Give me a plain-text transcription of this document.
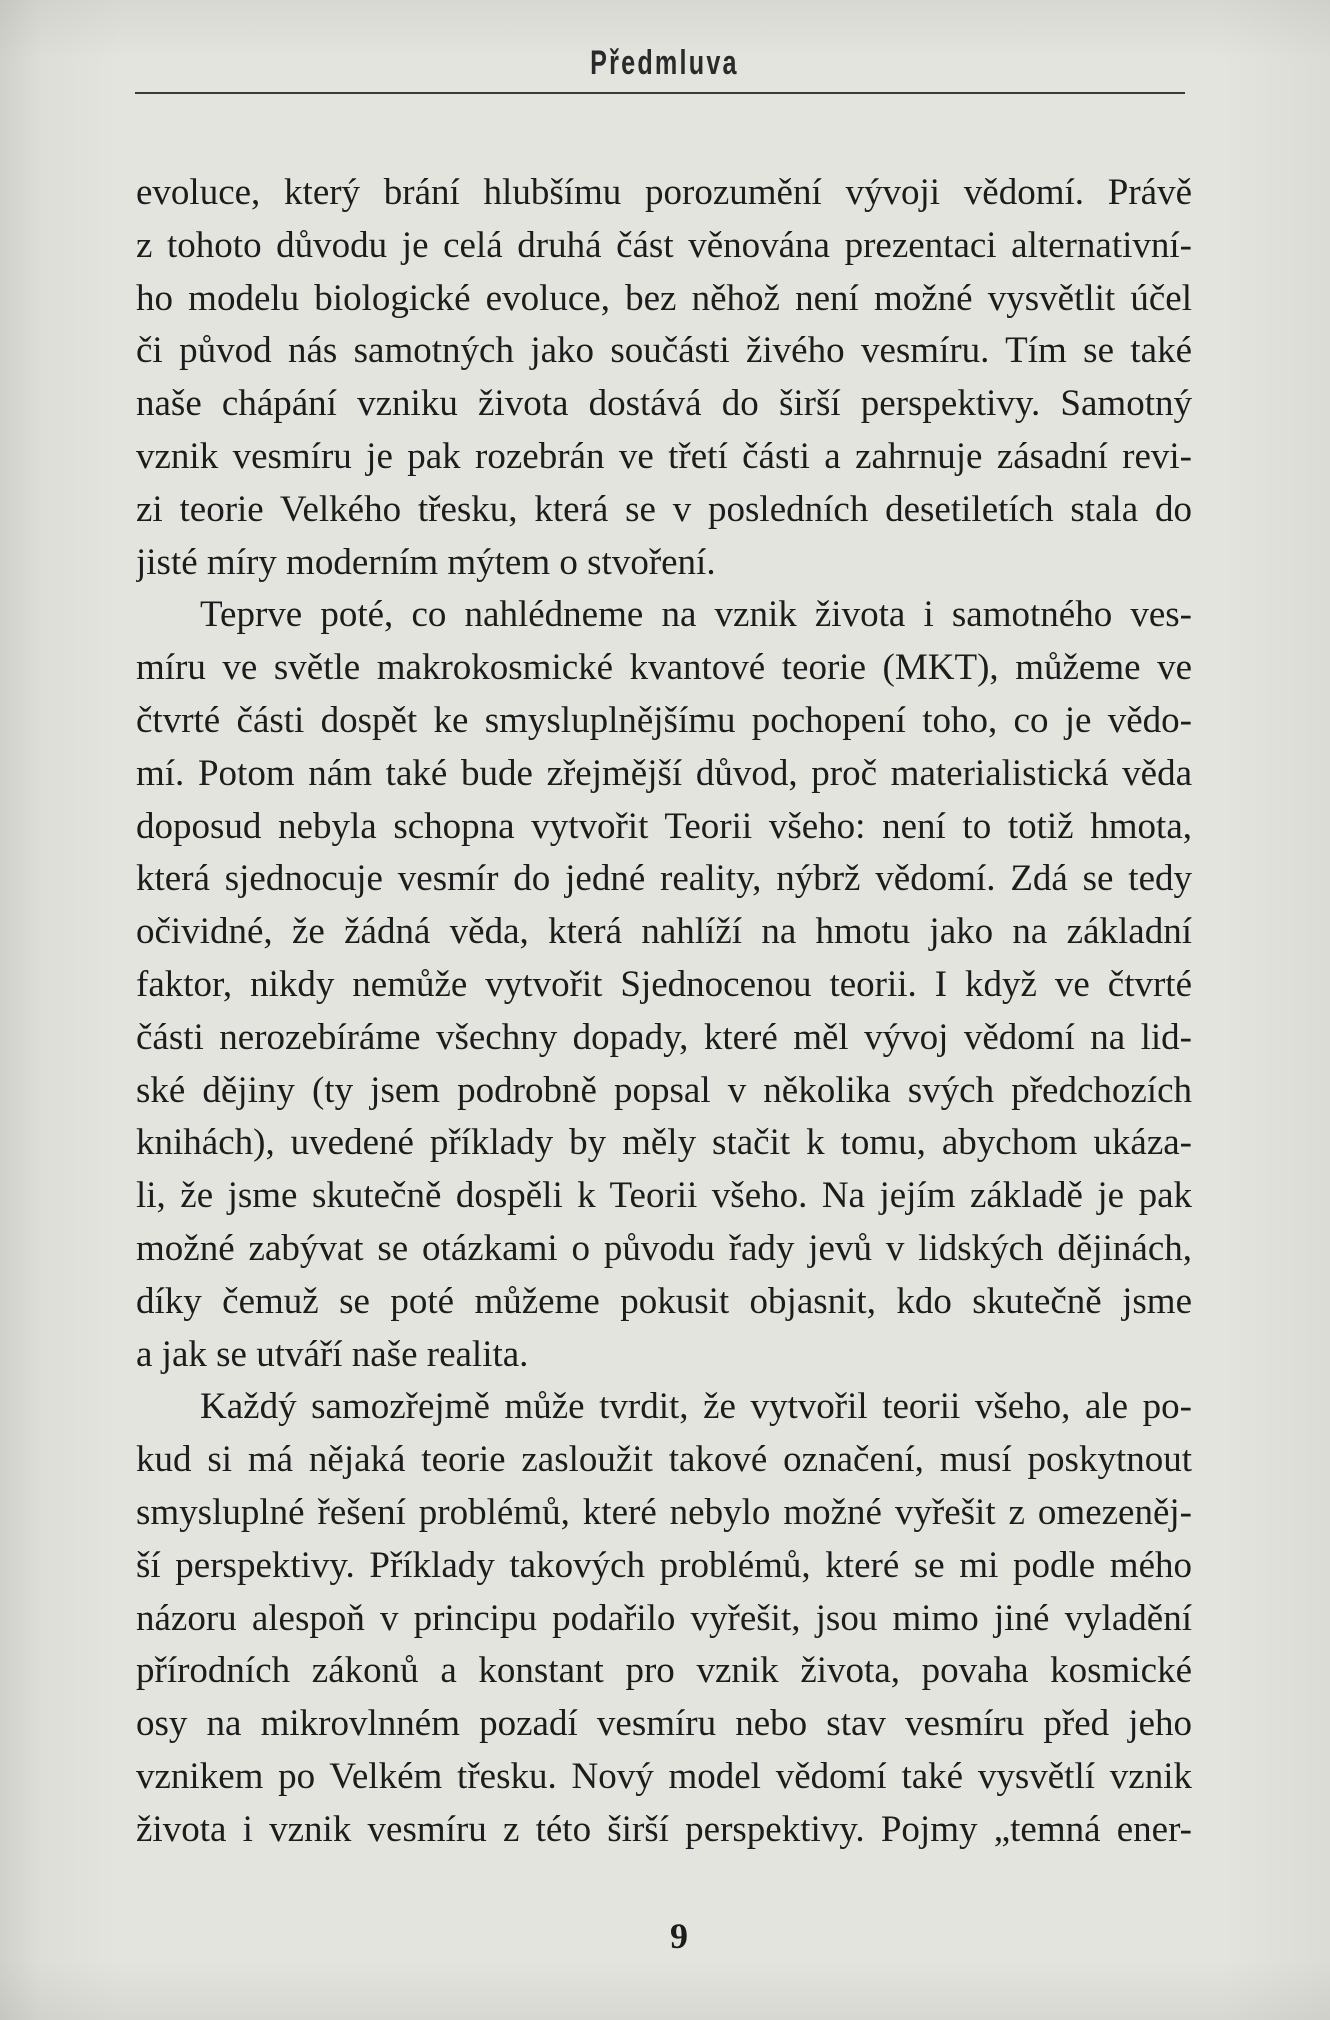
Předmluva
evoluce, který brání hlubšímu porozumění vývoji vědomí. Právě
z tohoto důvodu je celá druhá část věnována prezentaci alternativní-
ho modelu biologické evoluce, bez něhož není možné vysvětlit účel
či původ nás samotných jako součásti živého vesmíru. Tím se také
naše chápání vzniku života dostává do širší perspektivy. Samotný
vznik vesmíru je pak rozebrán ve třetí části a zahrnuje zásadní revi-
zi teorie Velkého třesku, která se v posledních desetiletích stala do
jisté míry moderním mýtem o stvoření.
Teprve poté, co nahlédneme na vznik života i samotného ves-
míru ve světle makrokosmické kvantové teorie (MKT), můžeme ve
čtvrté části dospět ke smysluplnějšímu pochopení toho, co je vědo-
mí. Potom nám také bude zřejmější důvod, proč materialistická věda
doposud nebyla schopna vytvořit Teorii všeho: není to totiž hmota,
která sjednocuje vesmír do jedné reality, nýbrž vědomí. Zdá se tedy
očividné, že žádná věda, která nahlíží na hmotu jako na základní
faktor, nikdy nemůže vytvořit Sjednocenou teorii. I když ve čtvrté
části nerozebíráme všechny dopady, které měl vývoj vědomí na lid-
ské dějiny (ty jsem podrobně popsal v několika svých předchozích
knihách), uvedené příklady by měly stačit k tomu, abychom ukáza-
li, že jsme skutečně dospěli k Teorii všeho. Na jejím základě je pak
možné zabývat se otázkami o původu řady jevů v lidských dějinách,
díky čemuž se poté můžeme pokusit objasnit, kdo skutečně jsme
a jak se utváří naše realita.
Každý samozřejmě může tvrdit, že vytvořil teorii všeho, ale po-
kud si má nějaká teorie zasloužit takové označení, musí poskytnout
smysluplné řešení problémů, které nebylo možné vyřešit z omezeněj-
ší perspektivy. Příklady takových problémů, které se mi podle mého
názoru alespoň v principu podařilo vyřešit, jsou mimo jiné vyladění
přírodních zákonů a konstant pro vznik života, povaha kosmické
osy na mikrovlnném pozadí vesmíru nebo stav vesmíru před jeho
vznikem po Velkém třesku. Nový model vědomí také vysvětlí vznik
života i vznik vesmíru z této širší perspektivy. Pojmy „temná ener-
9
